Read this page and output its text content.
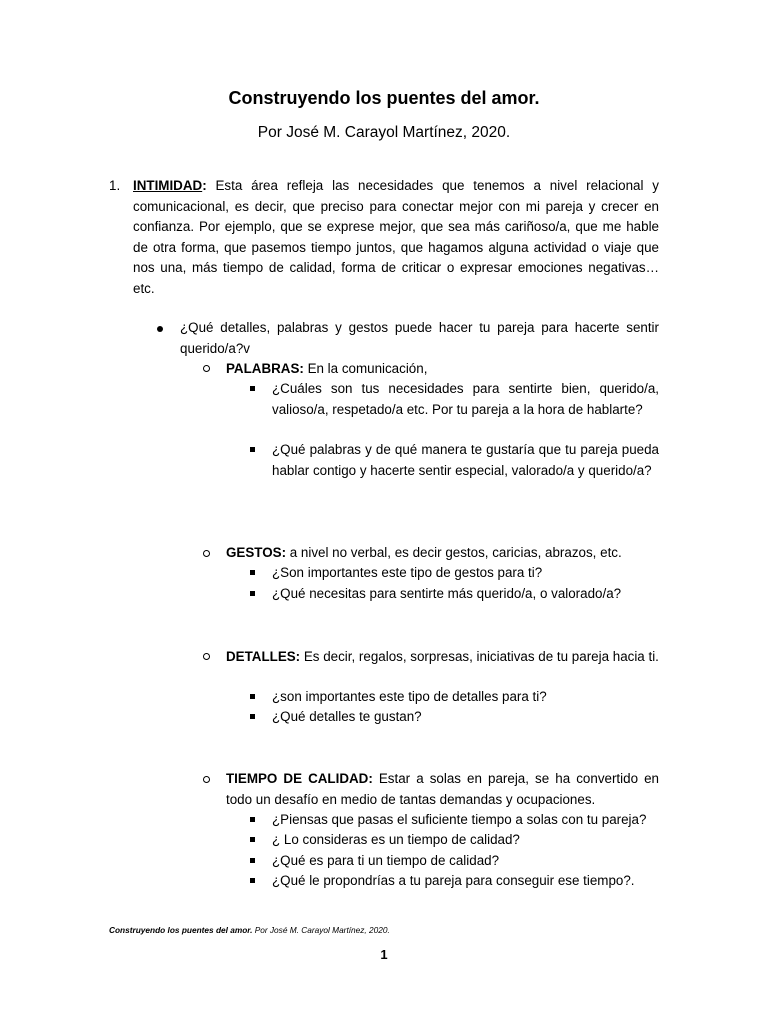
Construyendo los puentes del amor.
Por José M. Carayol Martínez, 2020.
1. INTIMIDAD: Esta área refleja las necesidades que tenemos a nivel relacional y comunicacional, es decir, que preciso para conectar mejor con mi pareja y crecer en confianza. Por ejemplo, que se exprese mejor, que sea más cariñoso/a, que me hable de otra forma, que pasemos tiempo juntos, que hagamos alguna actividad o viaje que nos una, más tiempo de calidad, forma de criticar o expresar emociones negativas… etc.
¿Qué detalles, palabras y gestos puede hacer tu pareja para hacerte sentir querido/a?v
PALABRAS: En la comunicación,
¿Cuáles son tus necesidades para sentirte bien, querido/a, valioso/a, respetado/a etc. Por tu pareja a la hora de hablarte?
¿Qué palabras y de qué manera te gustaría que tu pareja pueda hablar contigo y hacerte sentir especial, valorado/a y querido/a?
GESTOS: a nivel no verbal, es decir gestos, caricias, abrazos, etc.
¿Son importantes este tipo de gestos para ti?
¿Qué necesitas para sentirte más querido/a, o valorado/a?
DETALLES: Es decir, regalos, sorpresas, iniciativas de tu pareja hacia ti.
¿son importantes este tipo de detalles para ti?
¿Qué detalles te gustan?
TIEMPO DE CALIDAD: Estar a solas en pareja, se ha convertido en todo un desafío en medio de tantas demandas y ocupaciones.
¿Piensas que pasas el suficiente tiempo a solas con tu pareja?
¿ Lo consideras es un tiempo de calidad?
¿Qué es para ti un tiempo de calidad?
¿Qué le propondrías a tu pareja para conseguir ese tiempo?.
Construyendo los puentes del amor. Por José M. Carayol Martínez, 2020.
1
